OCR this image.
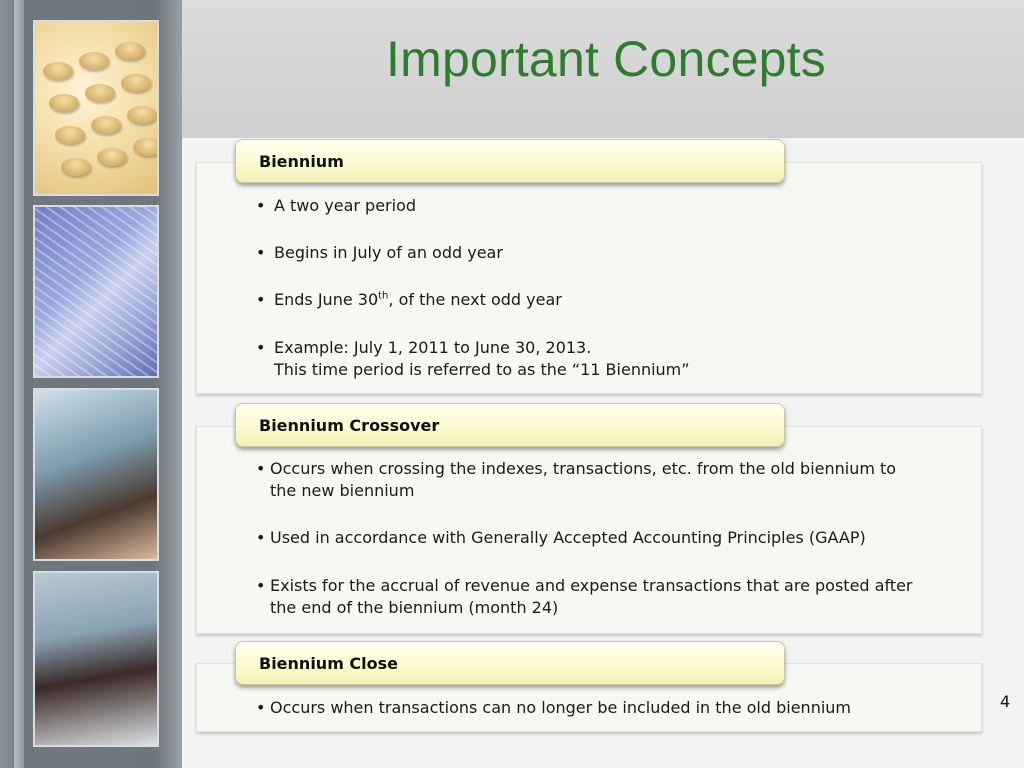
Important Concepts
Biennium
• A two year period
• Begins in July of an odd year
• Ends June 30th, of the next odd year
• Example: July 1, 2011 to June 30, 2013.
This time period is referred to as the “11 Biennium”
Biennium Crossover
• Occurs when crossing the indexes, transactions, etc. from the old biennium to
the new biennium
• Used in accordance with Generally Accepted Accounting Principles (GAAP)
• Exists for the accrual of revenue and expense transactions that are posted after
the end of the biennium (month 24)
Biennium Close
• Occurs when transactions can no longer be included in the old biennium	4
